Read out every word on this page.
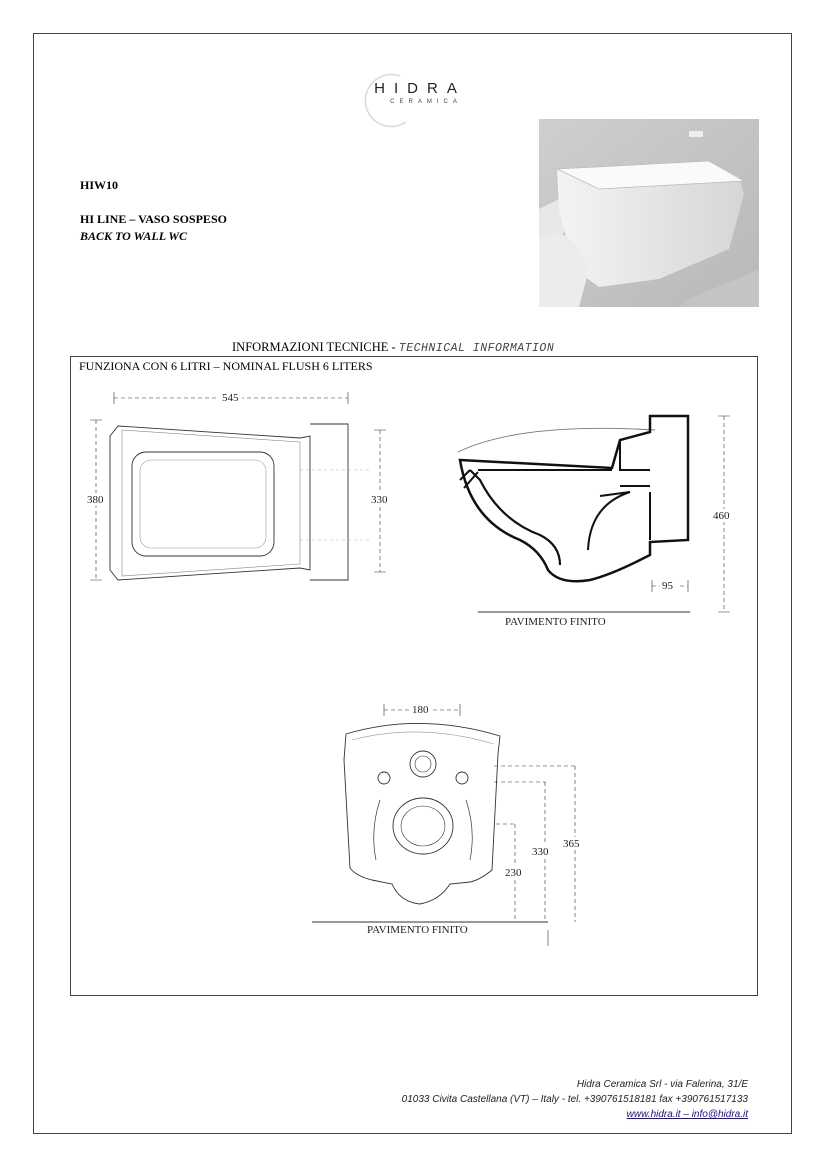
HIDRA
CERAMICA
HIW10
HI LINE – VASO SOSPESO
BACK TO WALL WC
INFORMAZIONI TECNICHE - TECHNICAL INFORMATION
FUNZIONA CON 6 LITRI – NOMINAL FLUSH 6 LITERS
545
380	330
460
95
PAVIMENTO FINITO
180
230
330
365
PAVIMENTO FINITO
Hidra Ceramica Srl - via Falerina, 31/E
01033 Civita Castellana (VT) – Italy - tel. +390761518181 fax +390761517133
www.hidra.it – info@hidra.it
